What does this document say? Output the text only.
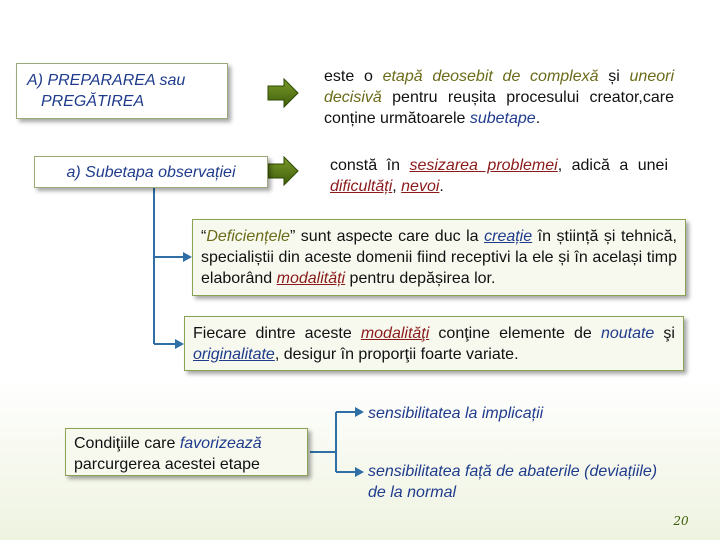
A) PREPARAREA sau
PREGĂTIREA
este o etapă deosebit de complexă și uneori decisivă pentru reușita procesului creator,care conține următoarele subetape.
a) Subetapa observației	constă în sesizarea problemei, adică a unei dificultăți, nevoi.
“Deficiențele” sunt aspecte care duc la creație în știință și tehnică, specialiștii din aceste domenii fiind receptivi la ele și în același timp elaborând modalități pentru depășirea lor.
Fiecare dintre aceste modalităţi conţine elemente de noutate şi originalitate, desigur în proporţii foarte variate.
Condiţiile care favorizează parcurgerea acestei etape
sensibilitatea la implicații
sensibilitatea față de abaterile (deviațiile) de la normal
20
